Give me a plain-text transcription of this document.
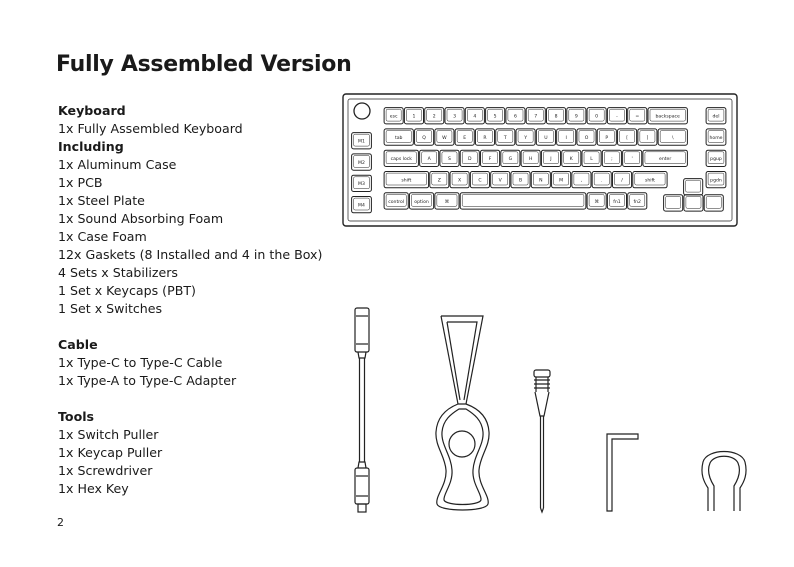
Fully Assembled Version
Keyboard
1x Fully Assembled Keyboard
Including
1x Aluminum Case
1x PCB
1x Steel Plate
1x Sound Absorbing Foam
1x Case Foam
12x Gaskets (8 Installed and 4 in the Box)
4 Sets x Stabilizers
1 Set x Keycaps (PBT)
1 Set x Switches
Cable
1x Type-C to Type-C Cable
1x Type-A to Type-C Adapter
Tools
1x Switch Puller
1x Keycap Puller
1x Screwdriver
1x Hex Key
2
M1
M2
M3
M4
esc	1	2	3	4	5	6	7	8	9	0	-	=	backspace	del
tab	Q	W	E	R	T	Y	U	I	O	P	[	]	\	home
caps lock	A	S	D	F	G	H	J	K	L	;	'	enter	pgup
shift	Z	X	C	V	B	N	M	,	.	/	shift	pgdn
control option	⌘	⌘	fn1	fn2
